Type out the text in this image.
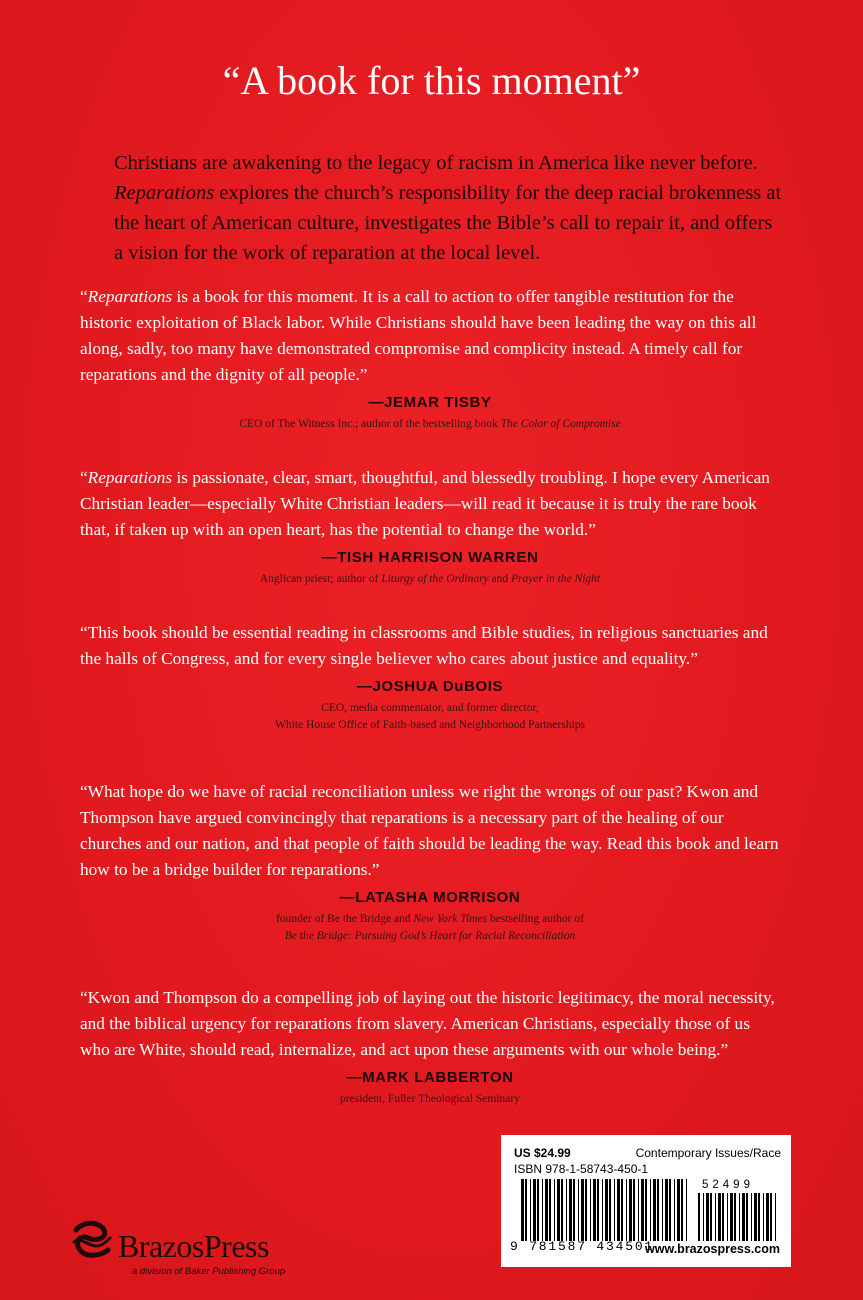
“A book for this moment”
Christians are awakening to the legacy of racism in America like never before.
Reparations explores the church’s responsibility for the deep racial brokenness at
the heart of American culture, investigates the Bible’s call to repair it, and offers
a vision for the work of reparation at the local level.
“Reparations is a book for this moment. It is a call to action to offer tangible restitution for the historic exploitation of Black labor. While Christians should have been leading the way on this all along, sadly, too many have demonstrated compromise and complicity instead. A timely call for reparations and the dignity of all people.”
—JEMAR TISBY
CEO of The Witness Inc.; author of the bestselling book The Color of Compromise
“Reparations is passionate, clear, smart, thoughtful, and blessedly troubling. I hope every American Christian leader—especially White Christian leaders—will read it because it is truly the rare book that, if taken up with an open heart, has the potential to change the world.”
—TISH HARRISON WARREN
Anglican priest; author of Liturgy of the Ordinary and Prayer in the Night
“This book should be essential reading in classrooms and Bible studies, in religious sanctuaries and the halls of Congress, and for every single believer who cares about justice and equality.”
—JOSHUA DuBOIS
CEO, media commentator, and former director,
White House Office of Faith-based and Neighborhood Partnerships
“What hope do we have of racial reconciliation unless we right the wrongs of our past? Kwon and Thompson have argued convincingly that reparations is a necessary part of the healing of our churches and our nation, and that people of faith should be leading the way. Read this book and learn how to be a bridge builder for reparations.”
—LATASHA MORRISON
founder of Be the Bridge and New York Times bestselling author of
Be the Bridge: Pursuing God’s Heart for Racial Reconciliation
“Kwon and Thompson do a compelling job of laying out the historic legitimacy, the moral necessity, and the biblical urgency for reparations from slavery. American Christians, especially those of us who are White, should read, internalize, and act upon these arguments with our whole being.”
—MARK LABBERTON
president, Fuller Theological Seminary
US $24.99	Contemporary Issues/Race
ISBN 978-1-58743-450-1
52499
9 781587 434501
www.brazospress.com
BrazosPress
a division of Baker Publishing Group
